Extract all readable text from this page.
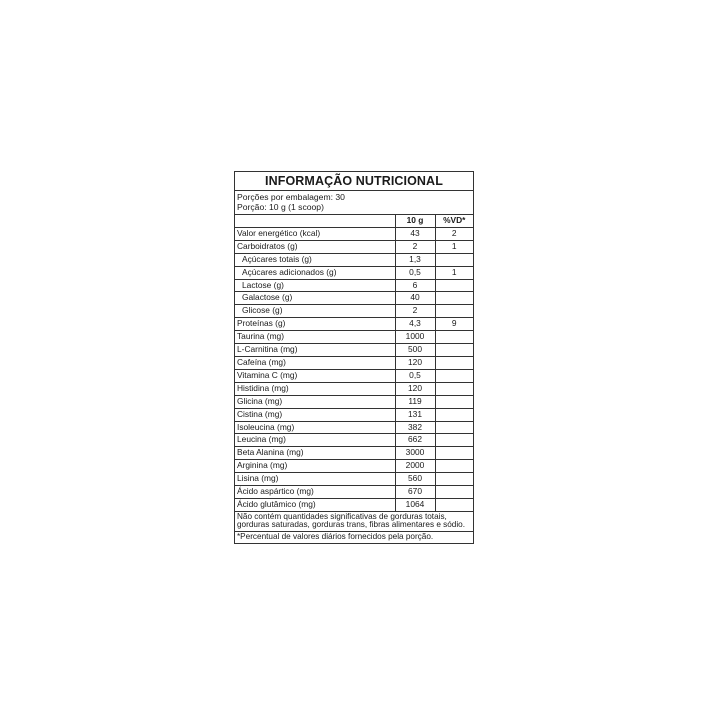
INFORMAÇÃO NUTRICIONAL
Porções por embalagem: 30
Porção: 10 g (1 scoop)
	10 g	%VD*
Valor energético (kcal)	43	2
Carboidratos (g)	2	1
Açúcares totais (g)	1,3	
Açúcares adicionados (g)	0,5	1
Lactose (g)	6	
Galactose (g)	40	
Glicose (g)	2	
Proteínas (g)	4,3	9
Taurina (mg)	1000	
L-Carnitina (mg)	500	
Cafeína (mg)	120	
Vitamina C (mg)	0,5	
Histidina (mg)	120	
Glicina (mg)	119	
Cistina (mg)	131	
Isoleucina (mg)	382	
Leucina (mg)	662	
Beta Alanina (mg)	3000	
Arginina (mg)	2000	
Lisina (mg)	560	
Ácido aspártico (mg)	670	
Ácido glutâmico (mg)	1064	
Não contém quantidades significativas de gorduras totais,
gorduras saturadas, gorduras trans, fibras alimentares e sódio.
*Percentual de valores diários fornecidos pela porção.
